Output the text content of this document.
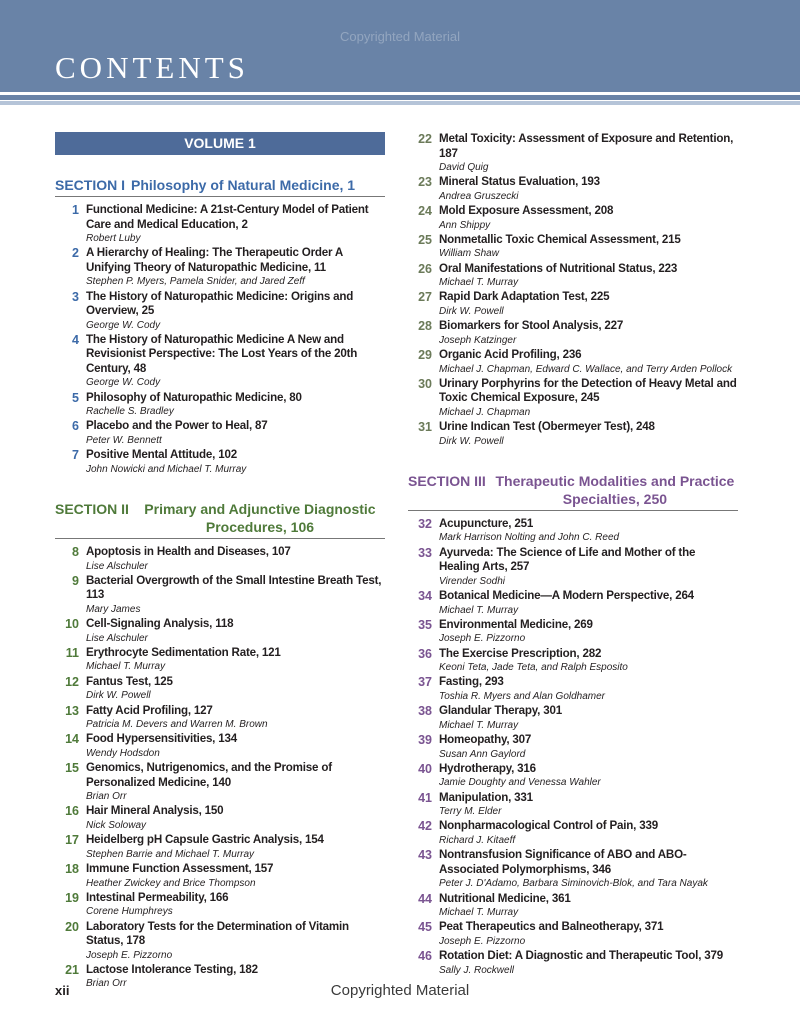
Copyrighted Material
CONTENTS
VOLUME 1
SECTION I Philosophy of Natural Medicine, 1
1 Functional Medicine: A 21st-Century Model of Patient Care and Medical Education, 2
Robert Luby
2 A Hierarchy of Healing: The Therapeutic Order A Unifying Theory of Naturopathic Medicine, 11
Stephen P. Myers, Pamela Snider, and Jared Zeff
3 The History of Naturopathic Medicine: Origins and Overview, 25
George W. Cody
4 The History of Naturopathic Medicine A New and Revisionist Perspective: The Lost Years of the 20th Century, 48
George W. Cody
5 Philosophy of Naturopathic Medicine, 80
Rachelle S. Bradley
6 Placebo and the Power to Heal, 87
Peter W. Bennett
7 Positive Mental Attitude, 102
John Nowicki and Michael T. Murray
SECTION II	Primary and Adjunctive Diagnostic Procedures, 106
8 Apoptosis in Health and Diseases, 107
Lise Alschuler
9 Bacterial Overgrowth of the Small Intestine Breath Test, 113
Mary James
10 Cell-Signaling Analysis, 118
Lise Alschuler
11 Erythrocyte Sedimentation Rate, 121
Michael T. Murray
12 Fantus Test, 125
Dirk W. Powell
13 Fatty Acid Profiling, 127
Patricia M. Devers and Warren M. Brown
14 Food Hypersensitivities, 134
Wendy Hodsdon
15 Genomics, Nutrigenomics, and the Promise of Personalized Medicine, 140
Brian Orr
16 Hair Mineral Analysis, 150
Nick Soloway
17 Heidelberg pH Capsule Gastric Analysis, 154
Stephen Barrie and Michael T. Murray
18 Immune Function Assessment, 157
Heather Zwickey and Brice Thompson
19 Intestinal Permeability, 166
Corene Humphreys
20 Laboratory Tests for the Determination of Vitamin Status, 178
Joseph E. Pizzorno
21 Lactose Intolerance Testing, 182
Brian Orr
22 Metal Toxicity: Assessment of Exposure and Retention, 187
David Quig
23 Mineral Status Evaluation, 193
Andrea Gruszecki
24 Mold Exposure Assessment, 208
Ann Shippy
25 Nonmetallic Toxic Chemical Assessment, 215
William Shaw
26 Oral Manifestations of Nutritional Status, 223
Michael T. Murray
27 Rapid Dark Adaptation Test, 225
Dirk W. Powell
28 Biomarkers for Stool Analysis, 227
Joseph Katzinger
29 Organic Acid Profiling, 236
Michael J. Chapman, Edward C. Wallace, and Terry Arden Pollock
30 Urinary Porphyrins for the Detection of Heavy Metal and Toxic Chemical Exposure, 245
Michael J. Chapman
31 Urine Indican Test (Obermeyer Test), 248
Dirk W. Powell
SECTION III Therapeutic Modalities and Practice Specialties, 250
32 Acupuncture, 251
Mark Harrison Nolting and John C. Reed
33 Ayurveda: The Science of Life and Mother of the Healing Arts, 257
Virender Sodhi
34 Botanical Medicine—A Modern Perspective, 264
Michael T. Murray
35 Environmental Medicine, 269
Joseph E. Pizzorno
36 The Exercise Prescription, 282
Keoni Teta, Jade Teta, and Ralph Esposito
37 Fasting, 293
Toshia R. Myers and Alan Goldhamer
38 Glandular Therapy, 301
Michael T. Murray
39 Homeopathy, 307
Susan Ann Gaylord
40 Hydrotherapy, 316
Jamie Doughty and Venessa Wahler
41 Manipulation, 331
Terry M. Elder
42 Nonpharmacological Control of Pain, 339
Richard J. Kitaeff
43 Nontransfusion Significance of ABO and ABO-Associated Polymorphisms, 346
Peter J. D'Adamo, Barbara Siminovich-Blok, and Tara Nayak
44 Nutritional Medicine, 361
Michael T. Murray
45 Peat Therapeutics and Balneotherapy, 371
Joseph E. Pizzorno
46 Rotation Diet: A Diagnostic and Therapeutic Tool, 379
Sally J. Rockwell
xii	Copyrighted Material
